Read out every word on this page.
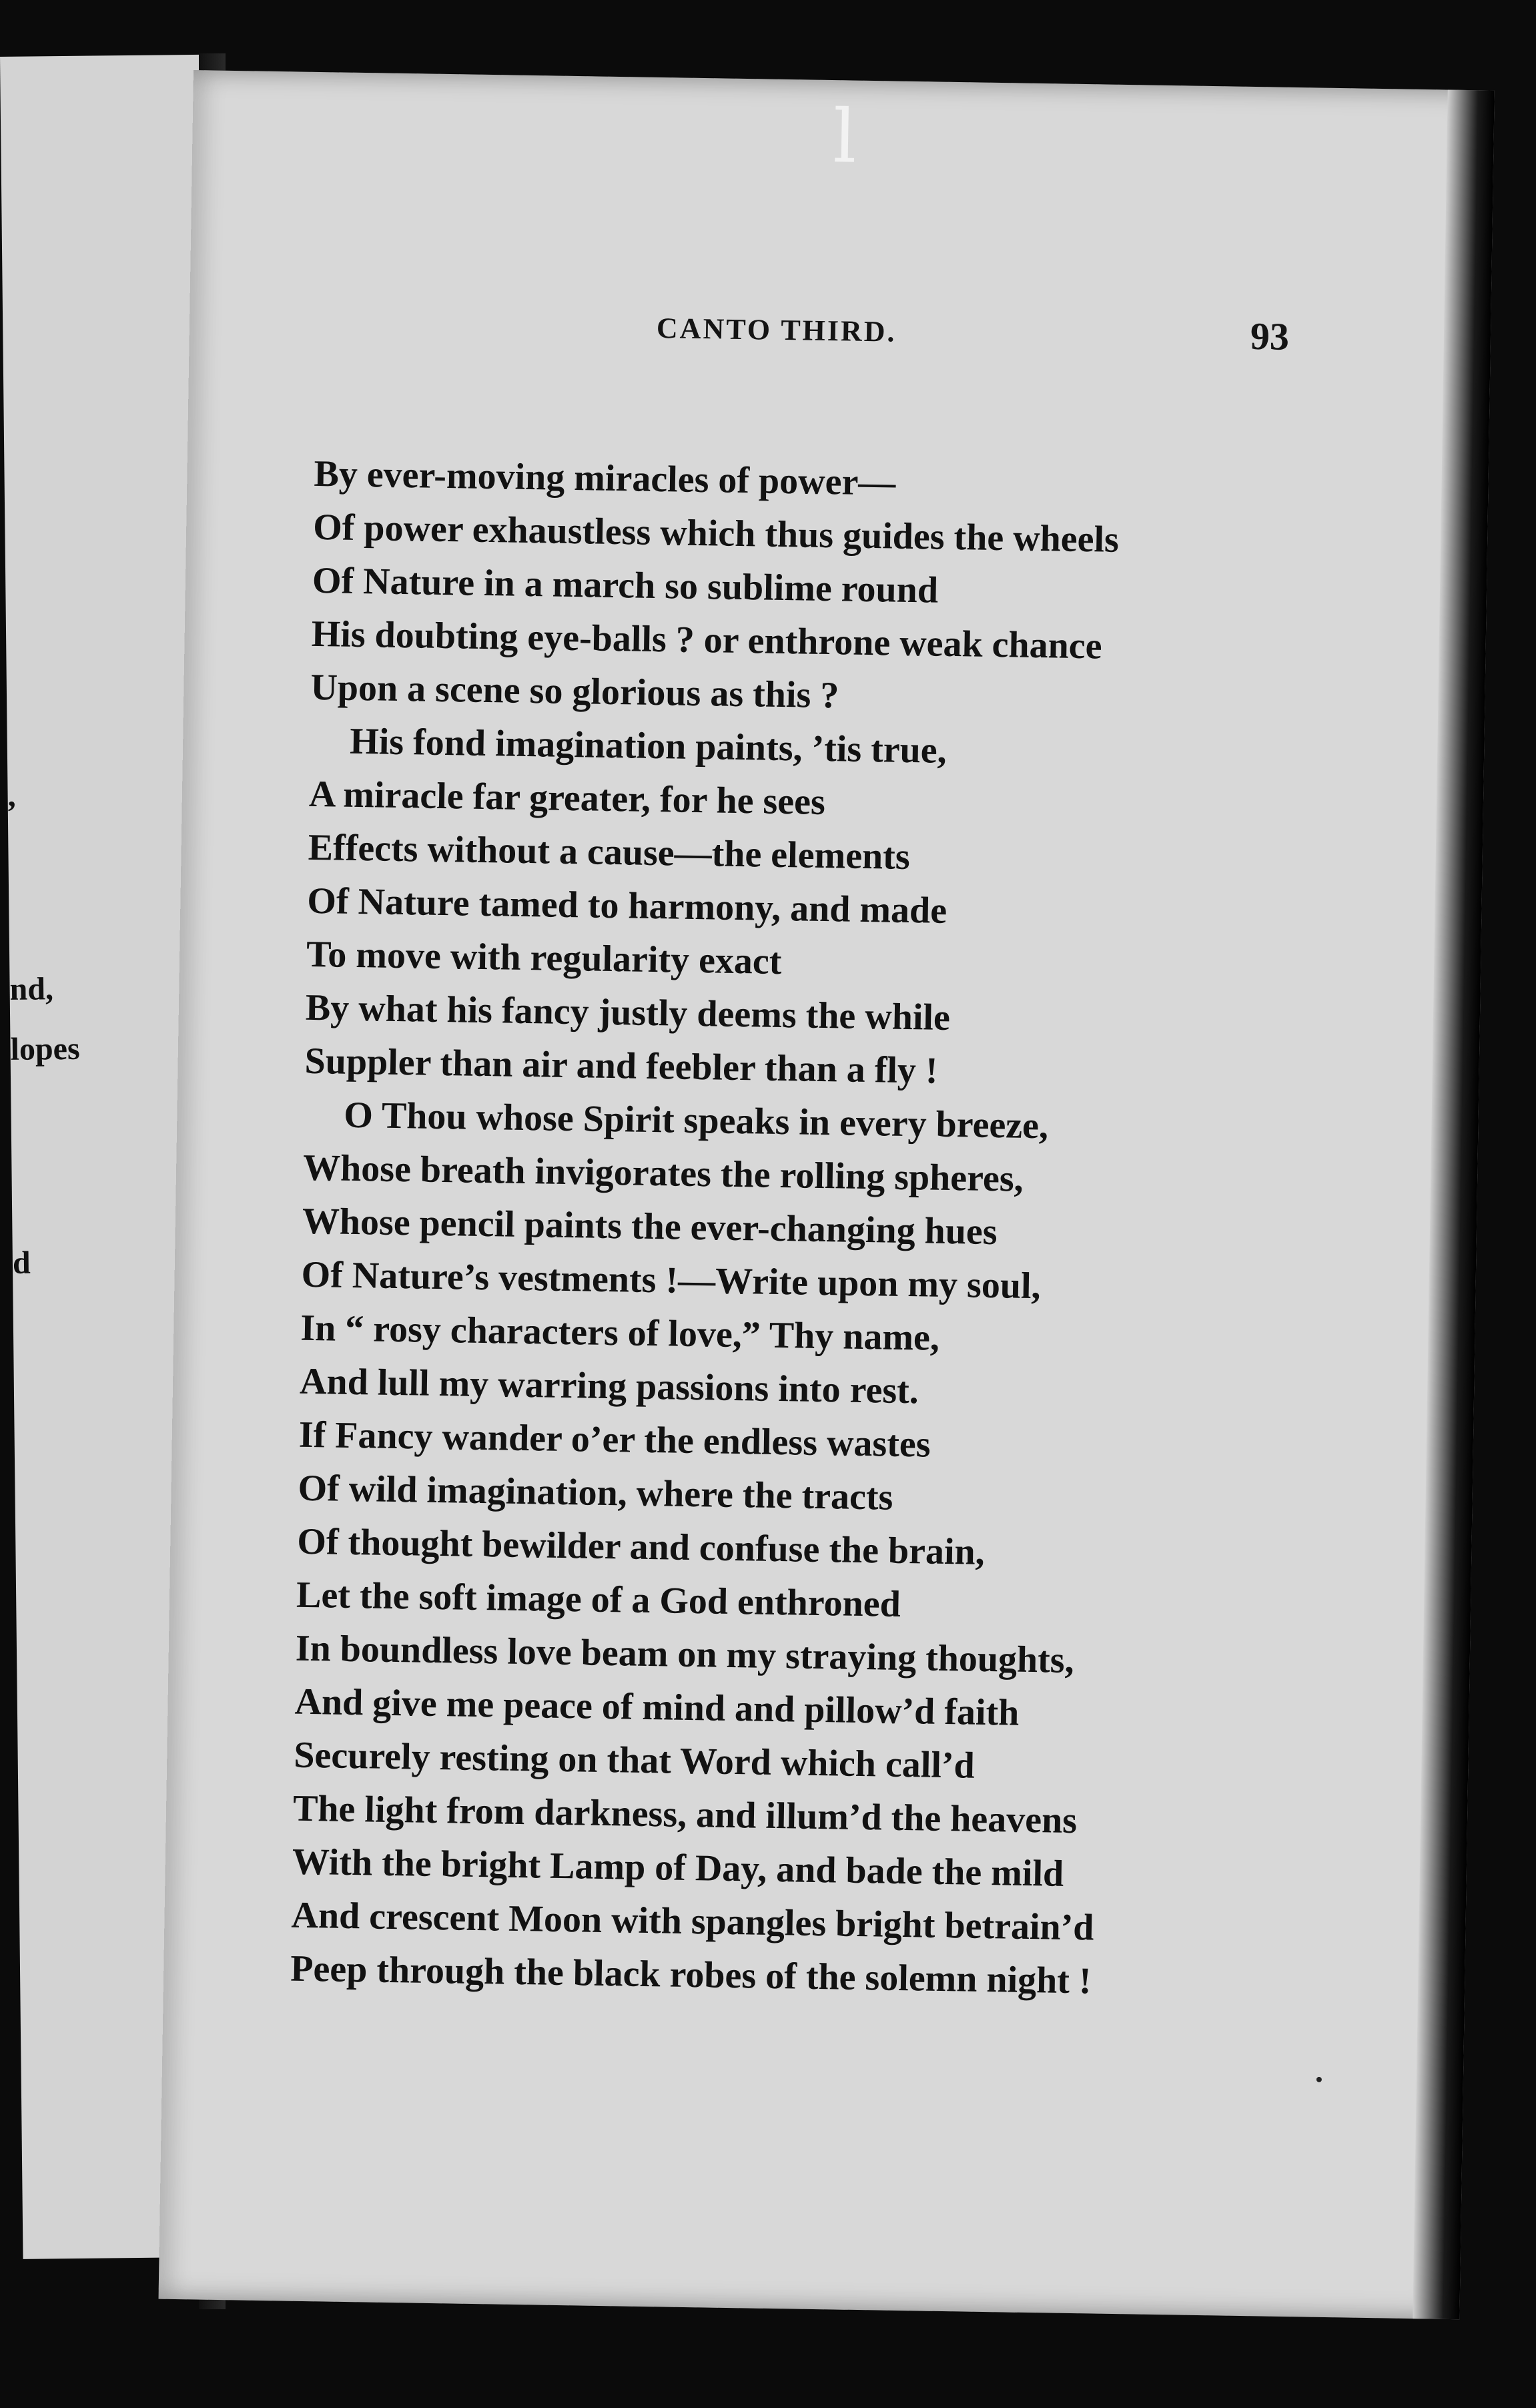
nd,
lopes
d
,
l
CANTO THIRD.	93
By ever-moving miracles of power—
Of power exhaustless which thus guides the wheels
Of Nature in a march so sublime round
His doubting eye-balls ? or enthrone weak chance
Upon a scene so glorious as this ?
His fond imagination paints, ’tis true,
A miracle far greater, for he sees
Effects without a cause—the elements
Of Nature tamed to harmony, and made
To move with regularity exact
By what his fancy justly deems the while
Suppler than air and feebler than a fly !
O Thou whose Spirit speaks in every breeze,
Whose breath invigorates the rolling spheres,
Whose pencil paints the ever-changing hues
Of Nature’s vestments !—Write upon my soul,
In “ rosy characters of love,” Thy name,
And lull my warring passions into rest.
If Fancy wander o’er the endless wastes
Of wild imagination, where the tracts
Of thought bewilder and confuse the brain,
Let the soft image of a God enthroned
In boundless love beam on my straying thoughts,
And give me peace of mind and pillow’d faith
Securely resting on that Word which call’d
The light from darkness, and illum’d the heavens
With the bright Lamp of Day, and bade the mild
And crescent Moon with spangles bright betrain’d
Peep through the black robes of the solemn night !
